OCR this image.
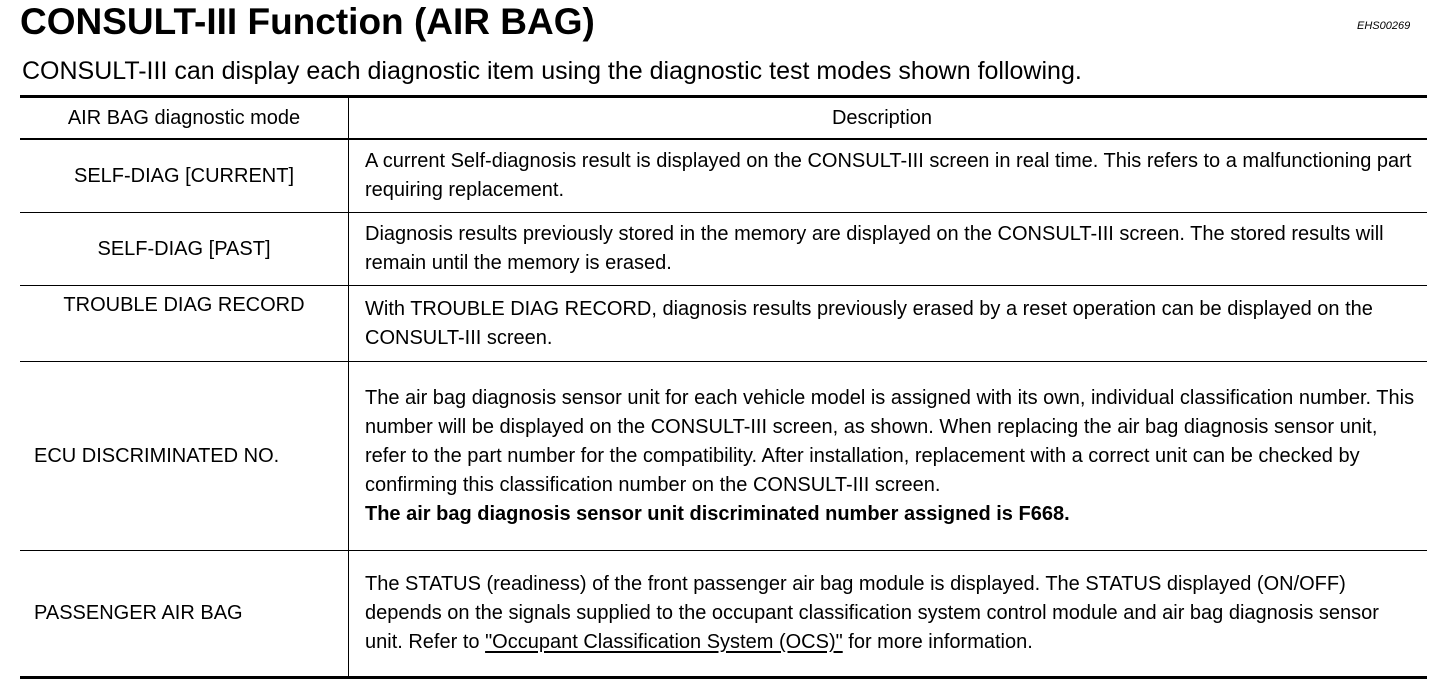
CONSULT-III Function (AIR BAG)	EHS00269
CONSULT-III can display each diagnostic item using the diagnostic test modes shown following.
AIR BAG diagnostic mode	Description
SELF-DIAG [CURRENT]	A current Self-diagnosis result is displayed on the CONSULT-III screen in real time. This refers to a malfunctioning part requiring replacement.
SELF-DIAG [PAST]	Diagnosis results previously stored in the memory are displayed on the CONSULT-III screen. The stored results will remain until the memory is erased.
TROUBLE DIAG RECORD	With TROUBLE DIAG RECORD, diagnosis results previously erased by a reset operation can be displayed on the CONSULT-III screen.
ECU DISCRIMINATED NO.	The air bag diagnosis sensor unit for each vehicle model is assigned with its own, individual classification number. This number will be displayed on the CONSULT-III screen, as shown. When replacing the air bag diagnosis sensor unit, refer to the part number for the compatibility. After installation, replacement with a correct unit can be checked by confirming this classification number on the CONSULT-III screen.

The air bag diagnosis sensor unit discriminated number assigned is F668.

PASSENGER AIR BAG	The STATUS (readiness) of the front passenger air bag module is displayed. The STATUS displayed (ON/OFF) depends on the signals supplied to the occupant classification system control module and air bag diagnosis sensor unit. Refer to "Occupant Classification System (OCS)" for more information.
